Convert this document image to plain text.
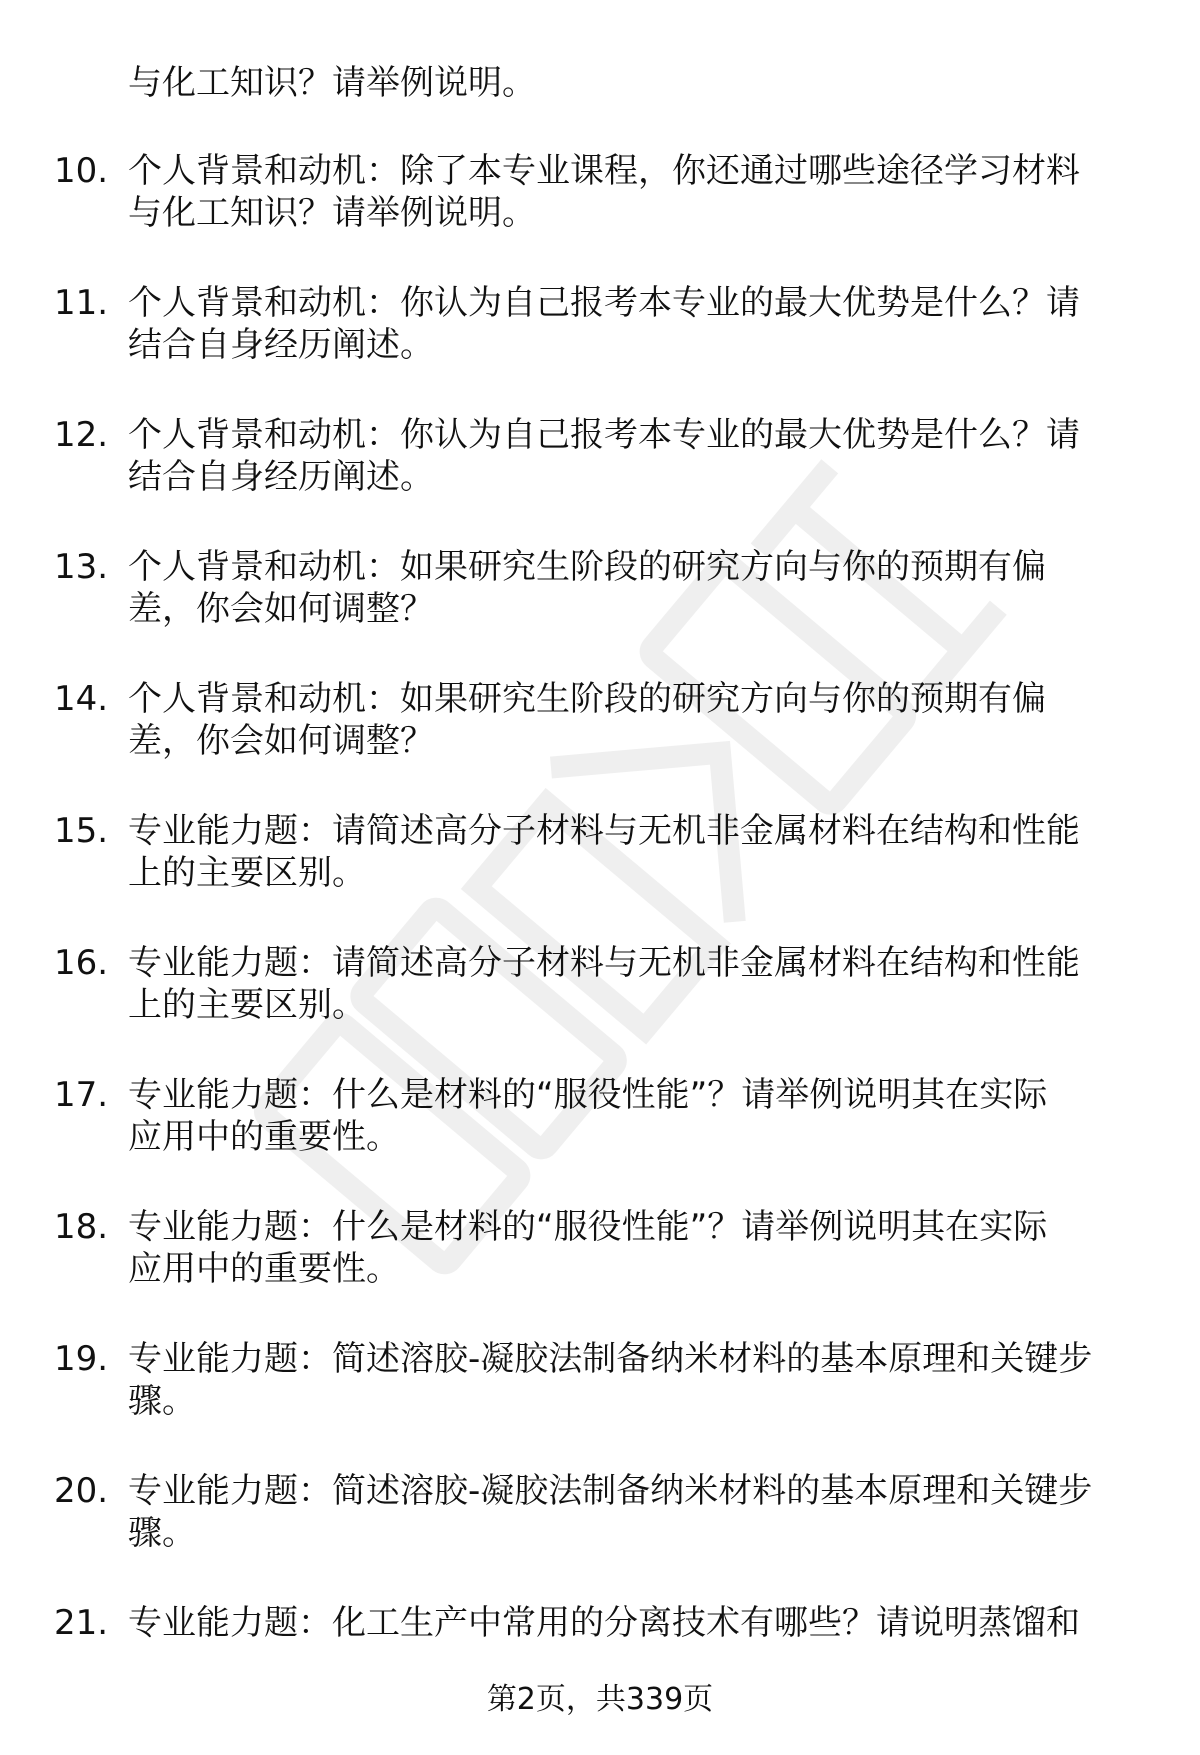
与化工知识？请举例说明。
10. 个人背景和动机：除了本专业课程，你还通过哪些途径学习材料
与化工知识？请举例说明。
11. 个人背景和动机：你认为自己报考本专业的最大优势是什么？请
结合自身经历阐述。
12. 个人背景和动机：你认为自己报考本专业的最大优势是什么？请
结合自身经历阐述。
13. 个人背景和动机：如果研究生阶段的研究方向与你的预期有偏
差，你会如何调整？
14. 个人背景和动机：如果研究生阶段的研究方向与你的预期有偏
差，你会如何调整？
15. 专业能力题：请简述高分子材料与无机非金属材料在结构和性能
上的主要区别。
16. 专业能力题：请简述高分子材料与无机非金属材料在结构和性能
上的主要区别。
17. 专业能力题：什么是材料的“服役性能”？请举例说明其在实际
应用中的重要性。
18. 专业能力题：什么是材料的“服役性能”？请举例说明其在实际
应用中的重要性。
19. 专业能力题：简述溶胶-凝胶法制备纳米材料的基本原理和关键步
骤。
20. 专业能力题：简述溶胶-凝胶法制备纳米材料的基本原理和关键步
骤。
21. 专业能力题：化工生产中常用的分离技术有哪些？请说明蒸馏和
第2页，共339页
